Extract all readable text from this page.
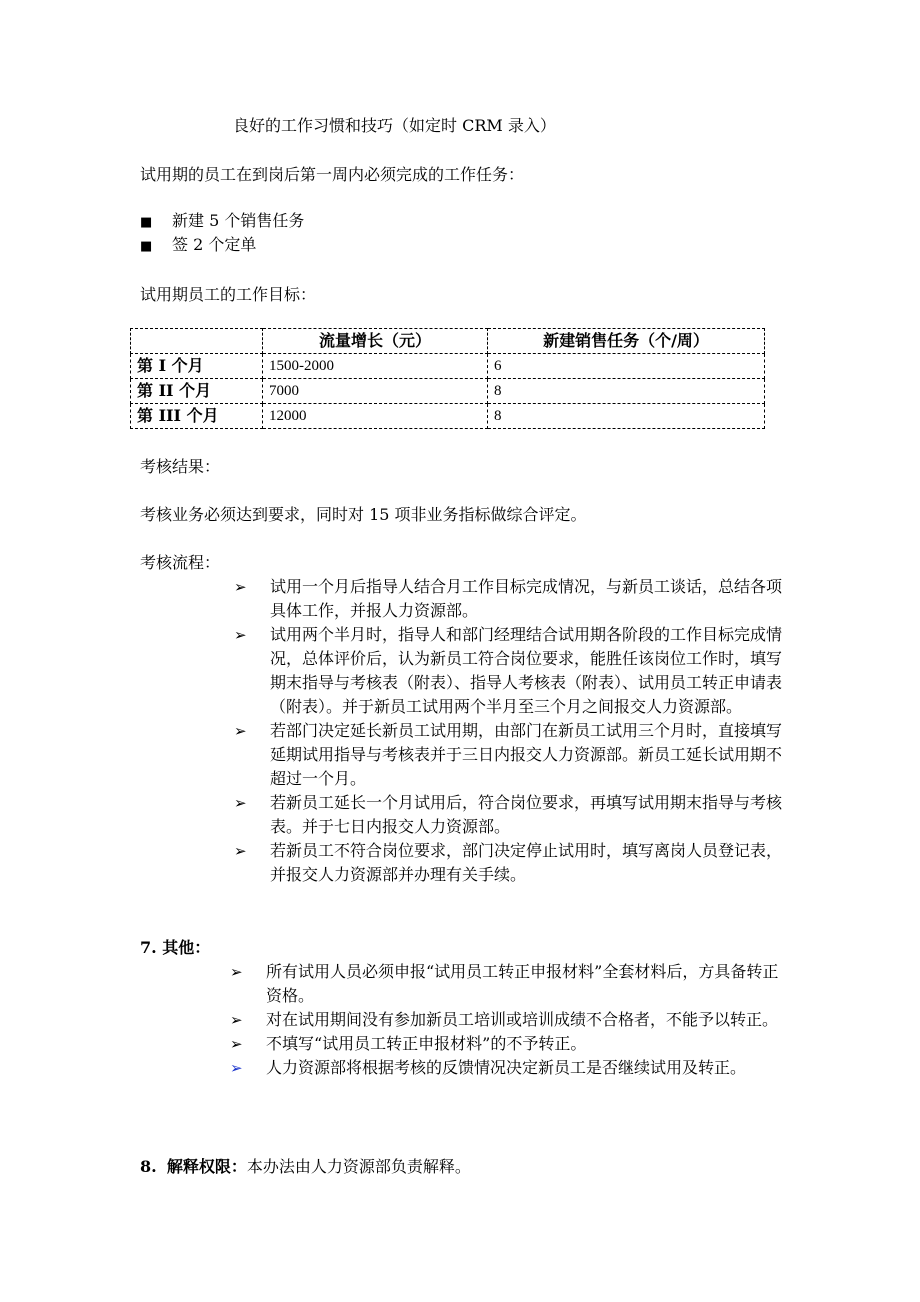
良好的工作习惯和技巧（如定时 CRM 录入）
试用期的员工在到岗后第一周内必须完成的工作任务：
■ 新建 5 个销售任务
■ 签 2 个定单
试用期员工的工作目标：
	流量增长（元）	新建销售任务（个/周）
第 I 个月	1500-2000	6
第 II 个月	7000	8
第 III 个月	12000	8
考核结果：
考核业务必须达到要求，同时对 15 项非业务指标做综合评定。
考核流程：
➢ 试用一个月后指导人结合月工作目标完成情况，与新员工谈话，总结各项具体工作，并报人力资源部。
➢ 试用两个半月时，指导人和部门经理结合试用期各阶段的工作目标完成情况，总体评价后，认为新员工符合岗位要求，能胜任该岗位工作时，填写期末指导与考核表（附表）、指导人考核表（附表）、试用员工转正申请表（附表）。并于新员工试用两个半月至三个月之间报交人力资源部。
➢ 若部门决定延长新员工试用期，由部门在新员工试用三个月时，直接填写延期试用指导与考核表并于三日内报交人力资源部。新员工延长试用期不超过一个月。
➢ 若新员工延长一个月试用后，符合岗位要求，再填写试用期末指导与考核表。并于七日内报交人力资源部。
➢ 若新员工不符合岗位要求，部门决定停止试用时，填写离岗人员登记表，并报交人力资源部并办理有关手续。
7. 其他：
➢ 所有试用人员必须申报“试用员工转正申报材料”全套材料后，方具备转正资格。
➢ 对在试用期间没有参加新员工培训或培训成绩不合格者，不能予以转正。
➢ 不填写“试用员工转正申报材料”的不予转正。
➢ 人力资源部将根据考核的反馈情况决定新员工是否继续试用及转正。
8. 解释权限：本办法由人力资源部负责解释。
